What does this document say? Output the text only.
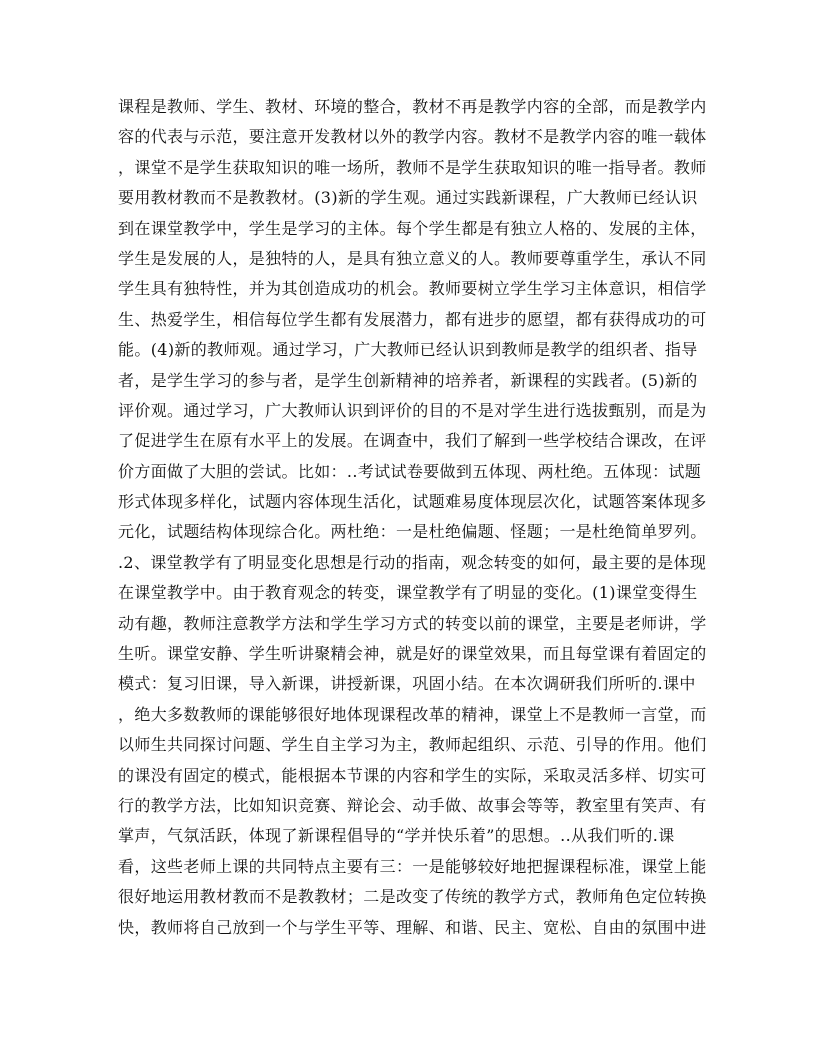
课程是教师、学生、教材、环境的整合，教材不再是教学内容的全部，而是教学内
容的代表与示范，要注意开发教材以外的教学内容。教材不是教学内容的唯一载体
，课堂不是学生获取知识的唯一场所，教师不是学生获取知识的唯一指导者。教师
要用教材教而不是教教材。(3)新的学生观。通过实践新课程，广大教师已经认识
到在课堂教学中，学生是学习的主体。每个学生都是有独立人格的、发展的主体，
学生是发展的人，是独特的人，是具有独立意义的人。教师要尊重学生，承认不同
学生具有独特性，并为其创造成功的机会。教师要树立学生学习主体意识，相信学
生、热爱学生，相信每位学生都有发展潜力，都有进步的愿望，都有获得成功的可
能。(4)新的教师观。通过学习，广大教师已经认识到教师是教学的组织者、指导
者，是学生学习的参与者，是学生创新精神的培养者，新课程的实践者。(5)新的
评价观。通过学习，广大教师认识到评价的目的不是对学生进行选拔甄别，而是为
了促进学生在原有水平上的发展。在调查中，我们了解到一些学校结合课改，在评
价方面做了大胆的尝试。比如：..考试试卷要做到五体现、两杜绝。五体现：试题
形式体现多样化，试题内容体现生活化，试题难易度体现层次化，试题答案体现多
元化，试题结构体现综合化。两杜绝：一是杜绝偏题、怪题；一是杜绝简单罗列。
.2、课堂教学有了明显变化思想是行动的指南，观念转变的如何，最主要的是体现
在课堂教学中。由于教育观念的转变，课堂教学有了明显的变化。(1)课堂变得生
动有趣，教师注意教学方法和学生学习方式的转变以前的课堂，主要是老师讲，学
生听。课堂安静、学生听讲聚精会神，就是好的课堂效果，而且每堂课有着固定的
模式：复习旧课，导入新课，讲授新课，巩固小结。在本次调研我们所听的.课中
，绝大多数教师的课能够很好地体现课程改革的精神，课堂上不是教师一言堂，而
以师生共同探讨问题、学生自主学习为主，教师起组织、示范、引导的作用。他们
的课没有固定的模式，能根据本节课的内容和学生的实际，采取灵活多样、切实可
行的教学方法，比如知识竞赛、辩论会、动手做、故事会等等，教室里有笑声、有
掌声，气氛活跃，体现了新课程倡导的“学并快乐着”的思想。..从我们听的.课
看，这些老师上课的共同特点主要有三：一是能够较好地把握课程标准，课堂上能
很好地运用教材教而不是教教材；二是改变了传统的教学方式，教师角色定位转换
快，教师将自己放到一个与学生平等、理解、和谐、民主、宽松、自由的氛围中进
